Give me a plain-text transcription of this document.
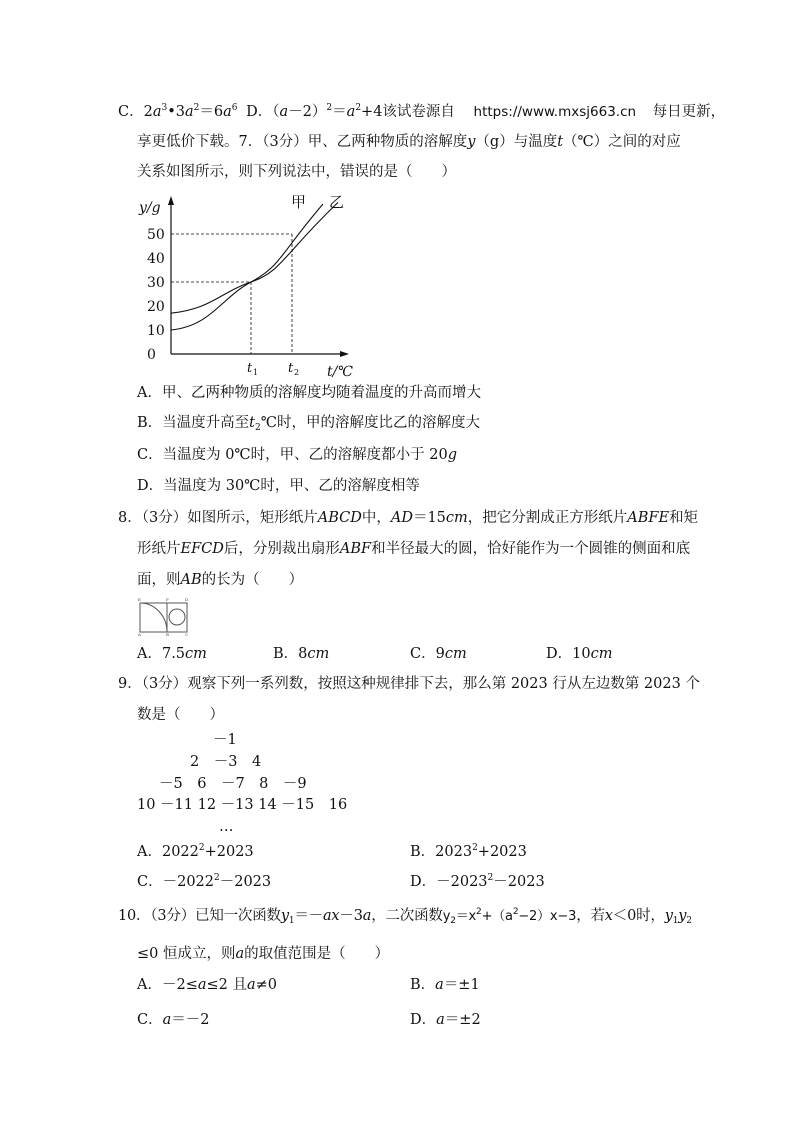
C．$2a^3•3a^2=6a^6$ D．$(a-2)^2=a^2+4$该试卷源自 https://www.mxsj663.cn 每日更新，
享更低价下载。7．（3分）甲、乙两种物质的溶解度y（g）与温度t（℃）之间的对应
关系如图所示，则下列说法中，错误的是（　　）
50
40
30
20
10
0
y/g
t 1 t 2 t/℃
甲 乙
A．甲、乙两种物质的溶解度均随着温度的升高而增大
B．当温度升高至$t_2℃$时，甲的溶解度比乙的溶解度大
C．当温度为 0℃时，甲、乙的溶解度都小于 20g
D．当温度为 30℃时，甲、乙的溶解度相等
8．（3分）如图所示，矩形纸片ABCD中，AD＝15cm，把它分割成正方形纸片ABFE和矩
形纸片EFCD后，分别裁出扇形ABF和半径最大的圆，恰好能作为一个圆锥的侧面和底
面，则AB的长为（　　）
E	F	D
A	B	C
A．7.5cm	B．8cm	C．9cm	D．10cm
9．（3分）观察下列一系列数，按照这种规律排下去，那么第 2023 行从左边数第 2023 个
数是（　　）
－1
2　－3　4
－5　6　－7　8　－9
10 －11 12 －13 14 －15　16
…
A．$2022^2+2023$	B．$2023^2+2023$
C．$-2022^2-2023$	D．$-2023^2-2023$
10．（3分）已知一次函数$y_1=-ax-3a$，二次函数$y_2=x^2+(a^2-2)x-3$，若x＜0时，$y_1y_2$
≤0 恒成立，则a的取值范围是（　　）
A．－2≤a≤2 且a≠0	B．a＝±1
C．a＝－2	D．a＝±2
